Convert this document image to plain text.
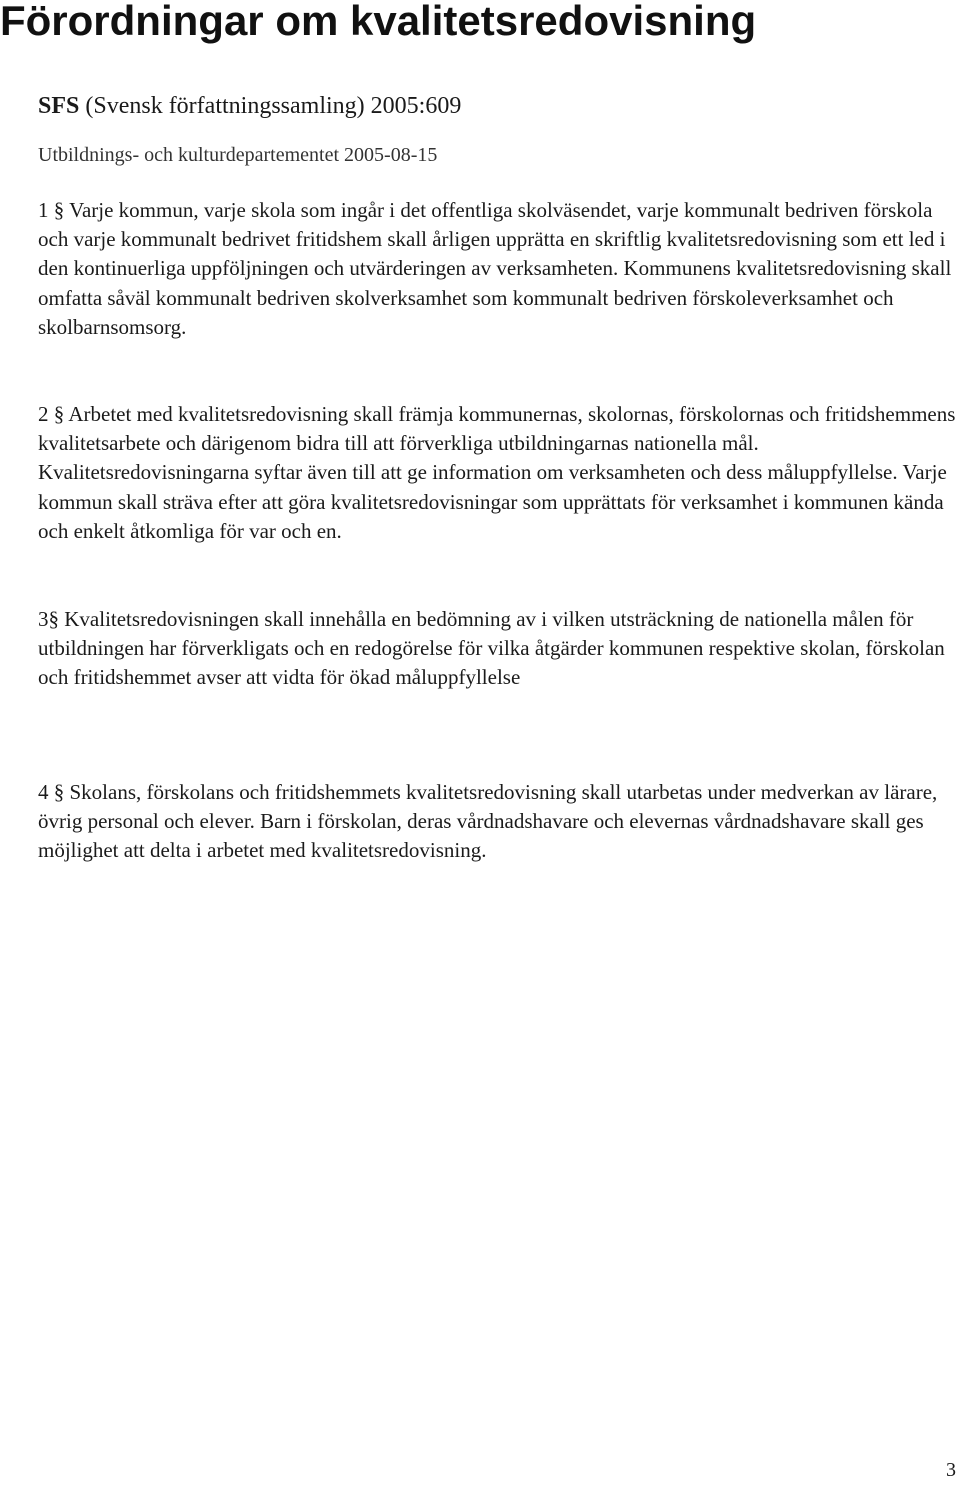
Förordningar om kvalitetsredovisning

SFS (Svensk författningssamling) 2005:609

Utbildnings- och kulturdepartementet 2005-08-15

1 § Varje kommun, varje skola som ingår i det offentliga skolväsendet, varje kommunalt bedriven förskola och varje kommunalt bedrivet fritidshem skall årligen upprätta en skriftlig kvalitetsredovisning som ett led i den kontinuerliga uppföljningen och utvärderingen av verksamheten. Kommunens kvalitetsredovisning skall omfatta såväl kommunalt bedriven skolverksamhet som kommunalt bedriven förskoleverksamhet och skolbarnsomsorg.

2 § Arbetet med kvalitetsredovisning skall främja kommunernas, skolornas, förskolornas och fritidshemmens kvalitetsarbete och därigenom bidra till att förverkliga utbildningarnas nationella mål. Kvalitetsredovisningarna syftar även till att ge information om verksamheten och dess måluppfyllelse. Varje kommun skall sträva efter att göra kvalitetsredovisningar som upprättats för verksamhet i kommunen kända och enkelt åtkomliga för var och en.

3§ Kvalitetsredovisningen skall innehålla en bedömning av i vilken utsträckning de nationella målen för utbildningen har förverkligats och en redogörelse för vilka åtgärder kommunen respektive skolan, förskolan och fritidshemmet avser att vidta för ökad måluppfyllelse

4 § Skolans, förskolans och fritidshemmets kvalitetsredovisning skall utarbetas under medverkan av lärare, övrig personal och elever. Barn i förskolan, deras vårdnadshavare och elevernas vårdnadshavare skall ges möjlighet att delta i arbetet med kvalitetsredovisning.

3
